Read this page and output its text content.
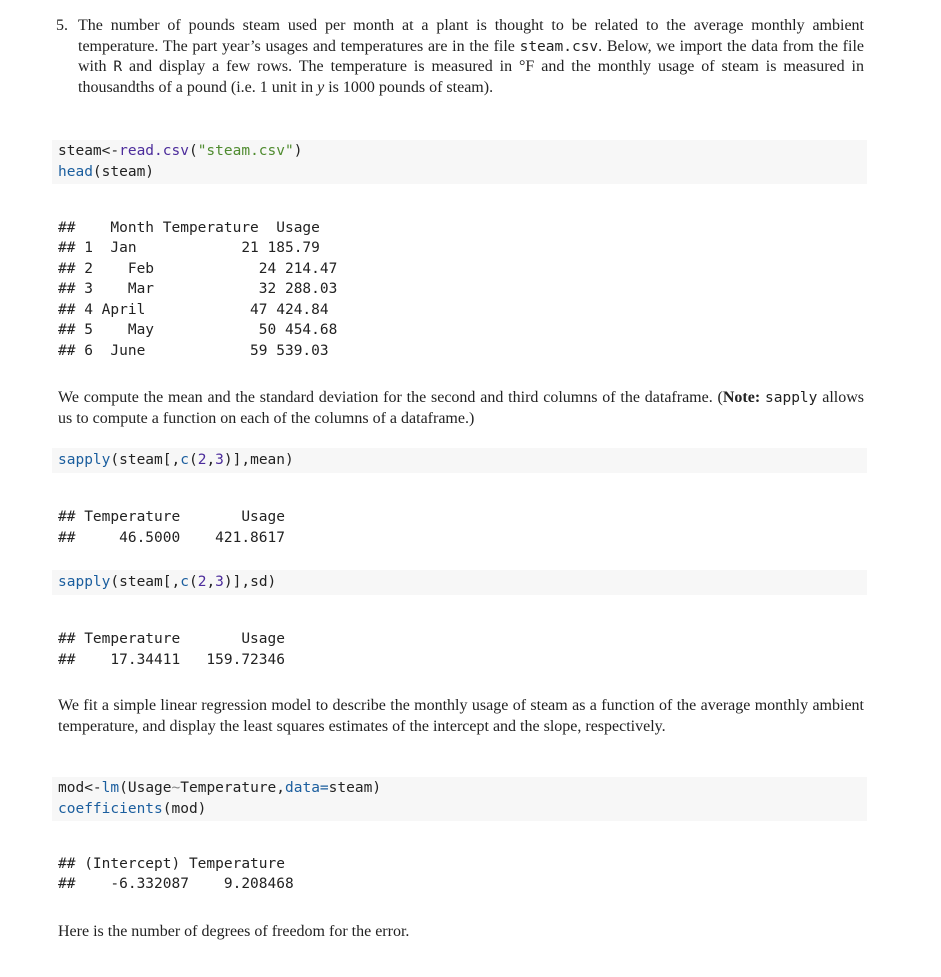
5. The number of pounds steam used per month at a plant is thought to be related to the average monthly ambient temperature. The part year’s usages and temperatures are in the file steam.csv. Below, we import the data from the file with R and display a few rows. The temperature is measured in °F and the monthly usage of steam is measured in thousandths of a pound (i.e. 1 unit in y is 1000 pounds of steam).
steam<-read.csv("steam.csv")
head(steam)
##    Month Temperature  Usage
## 1  Jan            21 185.79
## 2    Feb            24 214.47
## 3    Mar            32 288.03
## 4 April            47 424.84
## 5    May            50 454.68
## 6  June            59 539.03
We compute the mean and the standard deviation for the second and third columns of the dataframe. (Note: sapply allows us to compute a function on each of the columns of a dataframe.)
sapply(steam[,c(2,3)],mean)
## Temperature       Usage
##     46.5000    421.8617
sapply(steam[,c(2,3)],sd)
## Temperature       Usage
##    17.34411   159.72346
We fit a simple linear regression model to describe the monthly usage of steam as a function of the average monthly ambient temperature, and display the least squares estimates of the intercept and the slope, respectively.
mod<-lm(Usage~Temperature,data=steam)
coefficients(mod)
## (Intercept) Temperature
##    -6.332087    9.208468
Here is the number of degrees of freedom for the error.
